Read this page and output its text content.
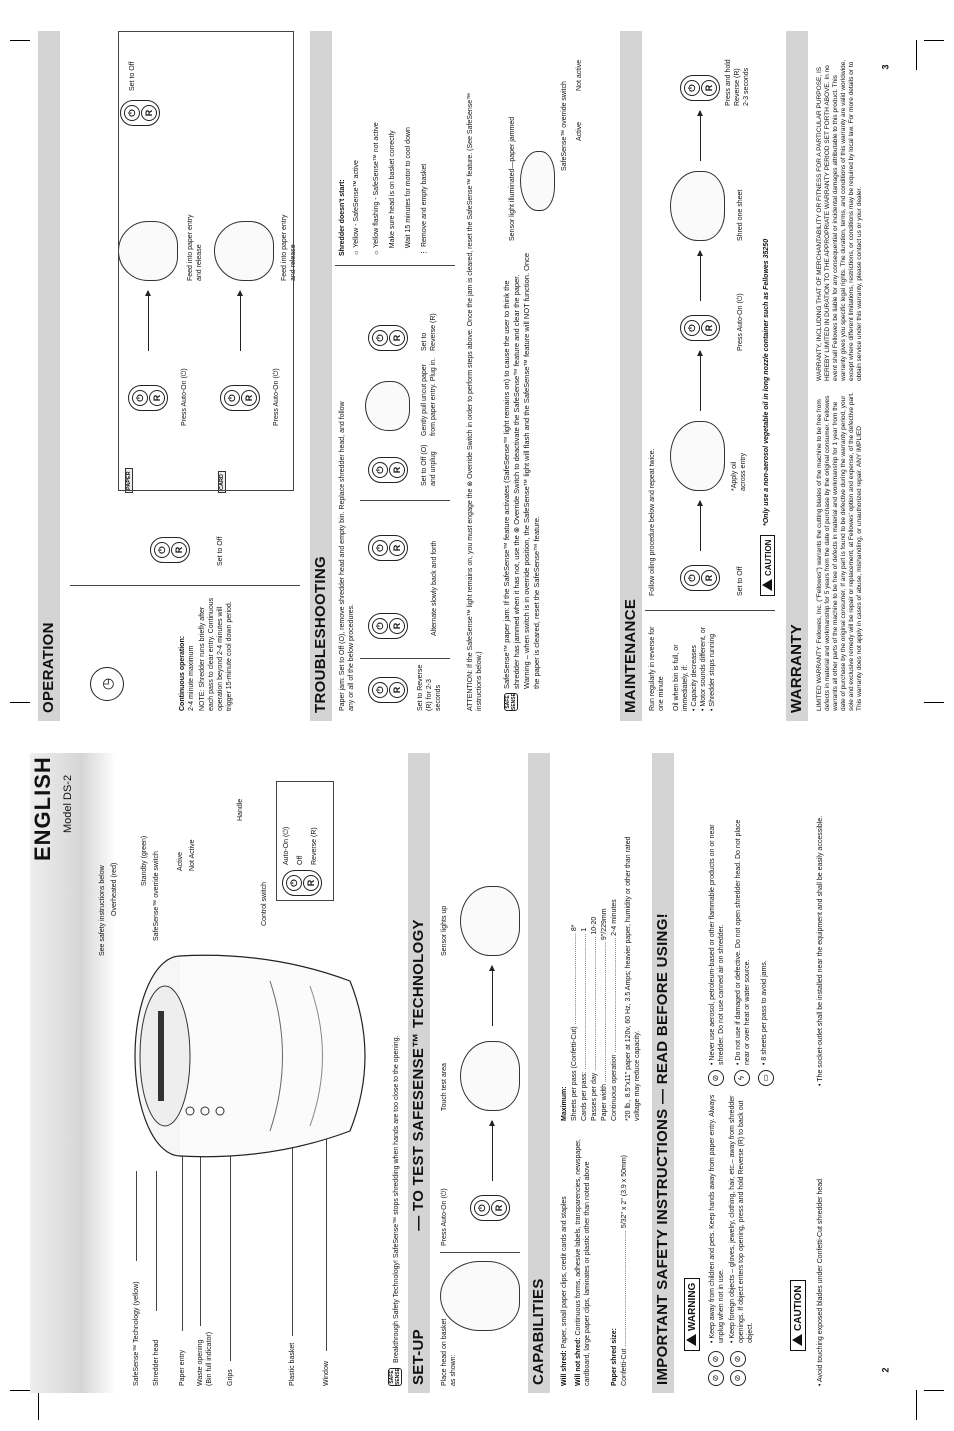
2
3
ENGLISH Model DS-2
SafeSense™ Technology (yellow) Shredder head	Paper entry Waste opening
(Bin full indicator)
Grips	Plastic basket	Window
See safety instructions below Overheated (red)
Standby (green) SafeSense™ override switch Active Not Active
Handle
Control switch	⏻ R
Auto-On (⏻) Off Reverse (R)
SAFE
SENSE
Breakthrough Safety Technology! SafeSense™ stops shredding when hands are too close to the opening. SET-UP                      — TO TEST SAFESENSE™ TECHNOLOGY
Place head on basket
as shown:
Press Auto-On (⏻)	⏻ R
Touch test area
Sensor lights up
CAPABILITIES	Will shred: Paper, small paper clips, credit cards and staples
Will not shred: Continuous forms, adhesive labels, transparencies, newspaper, cardboard, large paper clips, laminates or plastic other than noted above	Paper shred size: Confetti-Cut ............................................................ 5/32" x 2" (3.9 x 50mm)
Maximum: Sheets per pass (Confetti-Cut) ............................................... 8* Cards per pass: ...................................................................... 1 Passes per day ..................................................................... 10-20 Paper width ........................................................................ 9"/229mm Continuous operation ........................................................... 2-4 minutes *20 lb., 8.5"x11" paper at 120v, 60 Hz, 3.5 Amps; heavier paper, humidity or other than rated voltage may reduce capacity. IMPORTANT SAFETY INSTRUCTIONS — READ BEFORE USING!	WARNING
⊘
⊘
⊘
⊘
• Keep away from children and pets. Keep hands away from paper entry. Always unplug when not in use. • Keep foreign objects – gloves, jewelry, clothing, hair, etc.– away from shredder openings. If object enters top opening, press and hold Reverse (R) to back out object.
⊘	ϟ	▭
• Never use aerosol, petroleum-based or other flammable products on or near shredder. Do not use canned air on shredder. • Do not use if damaged or defective. Do not open shredder head. Do not place near or over heat or water source. • 8 sheets per pass to avoid jams.
CAUTION
• Avoid touching exposed blades under Confetti-Cut shredder head
• The socket-outlet shall be installed near the equipment and shall be easily accessible.
OPERATION	◷	Continuous operation: 2-4 minute maximum NOTE: Shredder runs briefly after each pass to clear entry. Continuous operation beyond 2-4 minutes will trigger 15-minute cool down period.
⏻ R	Set to Off
PAPER	CARD
⏻ R	Press Auto-On (⏻)
Feed into paper entry
and release
⏻ R
Set to Off
⏻ R	Press Auto-On (⏻)
Feed into paper entry
and release
TROUBLESHOOTING	Paper jam: Set to Off (O), remove shredder head and empty bin. Replace shredder head, and follow any or all of the below procedures.	⏻ R
Set to Reverse
(R) for 2-3
seconds
⏻ R
⏻ R	Alternate slowly back and forth
⏻ R
Set to Off (O)
and unplug
Gently pull uncut paper
from paper entry. Plug in.
⏻ R
Set to
Reverse (R)
Shredder doesn't start: ☼ Yellow - SafeSense™ active
☼ Yellow flashing - SafeSense™ not active Make sure head is on basket correctly Wait 15 minutes for motor to cool down
⋮ Remove and empty basket	ATTENTION: If the SafeSense™ light remains on, you must engage the ⊗ Override Switch in order to perform steps above. Once the jam is cleared, reset the SafeSense™ feature. (See SafeSense™ instructions below.)	SAFE
SENSE
SafeSense™ paper jam: If the SafeSense™ feature activates (SafeSense™ light remains on) to cause the user to think the shredder has jammed when it has not, use the ⊗ Override Switch to deactivate the SafeSense™ feature and clear the paper. Warning – when switch is in override position, the SafeSense™ light will flash and the SafeSense™ feature will NOT function. Once the paper is cleared, reset the SafeSense™ feature.
Sensor light illuminated—paper jammed	SafeSense™ override switch Active
Not active
MAINTENANCE	Run regularly in reverse for
one minute
Oil when bin is full, or
immediately, if:
• Capacity decreases
• Motor sounds different, or
• Shredder stops running
Follow oiling procedure below and repeat twice.	⏻ R	Set to Off
*Apply oil
across entry
⏻ R	Press Auto-On (⏻)
Shred one sheet
⏻ R
Press and hold
Reverse (R)
2-3 seconds
CAUTION
*Only use a non-aerosol vegetable oil in long nozzle container such as Fellowes 35250
WARRANTY	LIMITED WARRANTY: Fellowes, Inc. ("Fellowes") warrants the cutting blades of the machine to be free from defects in material and workmanship for 5 years from the date of purchase by the original consumer. Fellowes warrants all other parts of the machine to be free of defects in material and workmanship for 1 year from the date of purchase by the original consumer. If any part is found to be defective during the warranty period, your sole and exclusive remedy will be repair or replacement, at Fellowes' option and expense, of the defective part. This warranty does not apply in cases of abuse, mishandling, or unauthorized repair. ANY IMPLIED
WARRANTY, INCLUDING THAT OF MERCHANTABILITY OR FITNESS FOR A PARTICULAR PURPOSE, IS HEREBY LIMITED IN DURATION TO THE APPROPRIATE WARRANTY PERIOD SET FORTH ABOVE. In no event shall Fellowes be liable for any consequential or incidental damages attributable to this product. This warranty gives you specific legal rights. The duration, terms, and conditions of this warranty are valid worldwide, except where different limitations, restrictions, or conditions may be required by local law. For more details or to obtain service under this warranty, please contact us or your dealer.
